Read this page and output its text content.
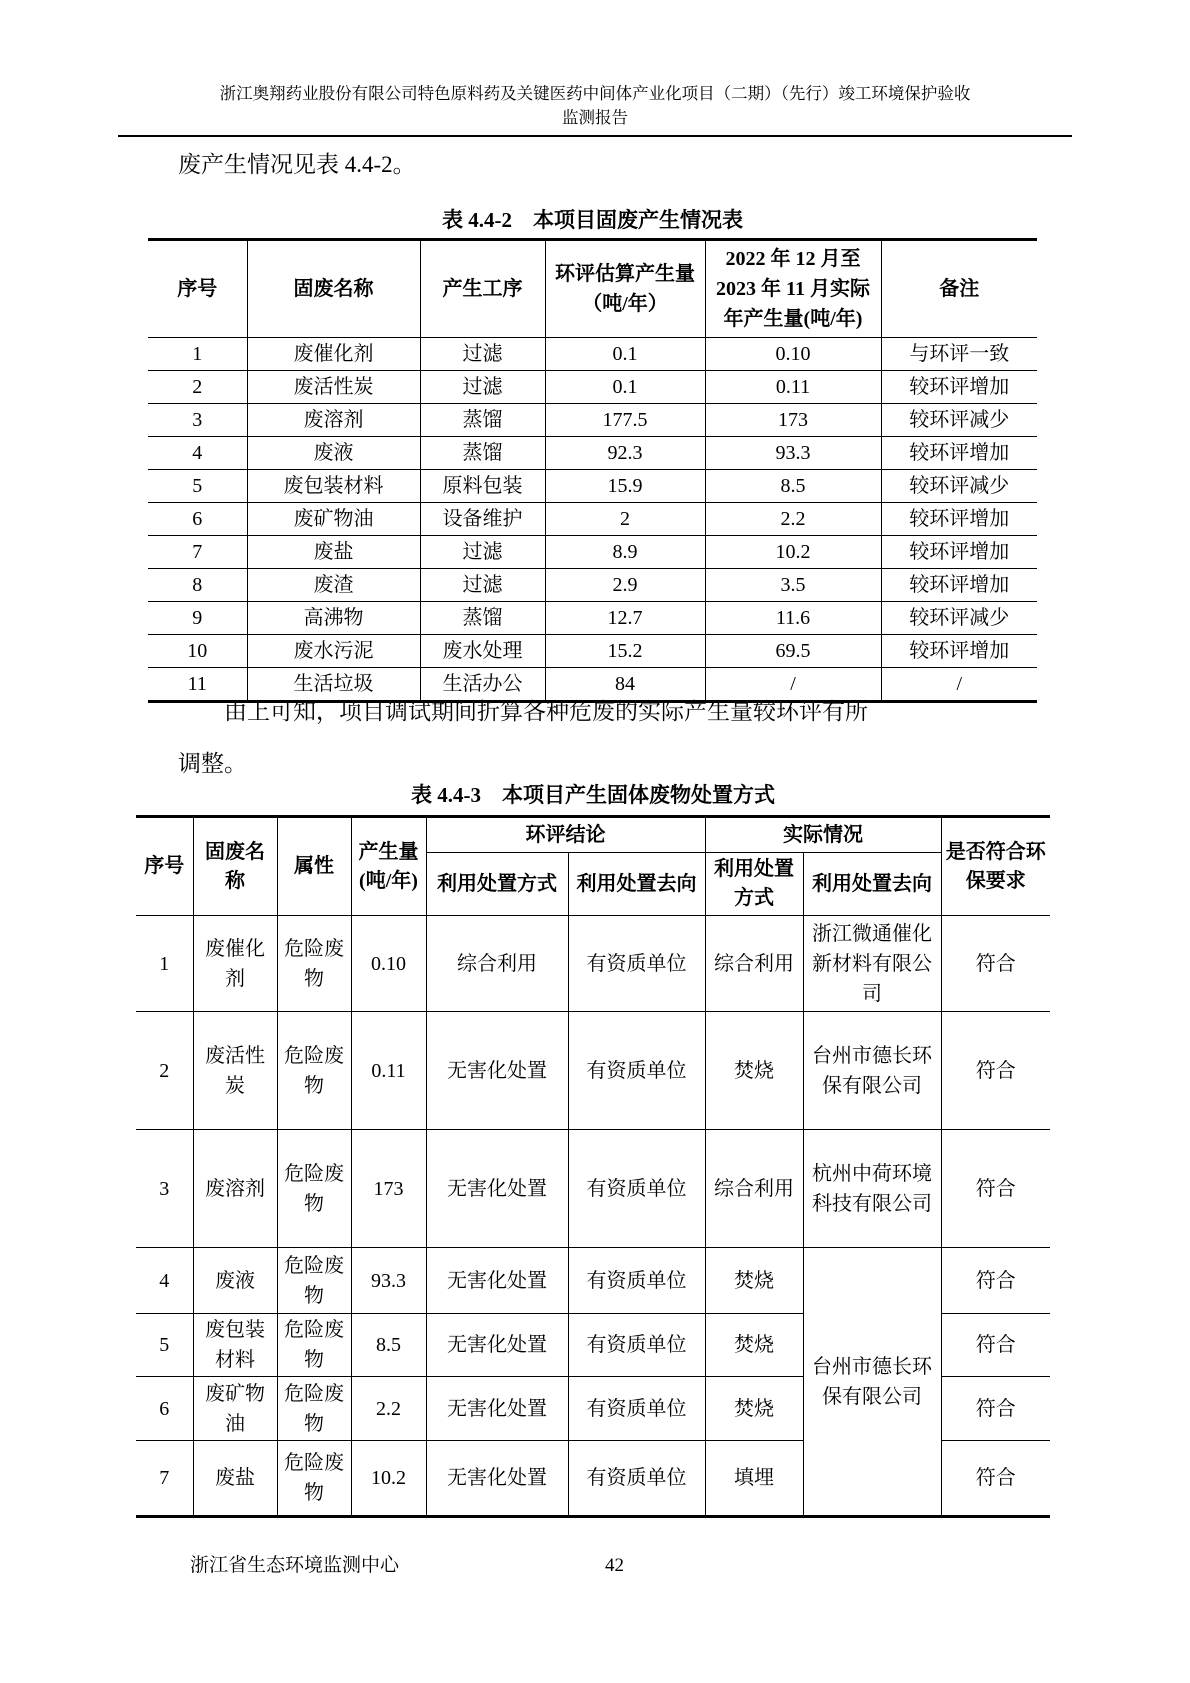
浙江奥翔药业股份有限公司特色原料药及关键医药中间体产业化项目（二期）（先行）竣工环境保护验收
监测报告
废产生情况见表 4.4-2。
表 4.4-2　本项目固废产生情况表
序号	固废名称	产生工序	环评估算产生量（吨/年）	2022 年 12 月至 2023 年 11 月实际年产生量(吨/年)	备注
1	废催化剂	过滤	0.1	0.10	与环评一致
2	废活性炭	过滤	0.1	0.11	较环评增加
3	废溶剂	蒸馏	177.5	173	较环评减少
4	废液	蒸馏	92.3	93.3	较环评增加
5	废包装材料	原料包装	15.9	8.5	较环评减少
6	废矿物油	设备维护	2	2.2	较环评增加
7	废盐	过滤	8.9	10.2	较环评增加
8	废渣	过滤	2.9	3.5	较环评增加
9	高沸物	蒸馏	12.7	11.6	较环评减少
10	废水污泥	废水处理	15.2	69.5	较环评增加
11	生活垃圾	生活办公	84	/	/
由上可知，项目调试期间折算各种危废的实际产生量较环评有所调整。
表 4.4-3　本项目产生固体废物处置方式
序号	固废名称	属性	产生量(吨/年)	环评结论		实际情况		是否符合环保要求
				利用处置方式	利用处置去向	利用处置方式	利用处置去向	
1	废催化剂	危险废物	0.10	综合利用	有资质单位	综合利用	浙江微通催化新材料有限公司	符合
2	废活性炭	危险废物	0.11	无害化处置	有资质单位	焚烧	台州市德长环保有限公司	符合
3	废溶剂	危险废物	173	无害化处置	有资质单位	综合利用	杭州中荷环境科技有限公司	符合
4	废液	危险废物	93.3	无害化处置	有资质单位	焚烧	台州市德长环保有限公司	符合
5	废包装材料	危险废物	8.5	无害化处置	有资质单位	焚烧		符合
6	废矿物油	危险废物	2.2	无害化处置	有资质单位	焚烧		符合
7	废盐	危险废物	10.2	无害化处置	有资质单位	填埋		符合
浙江省生态环境监测中心	42
